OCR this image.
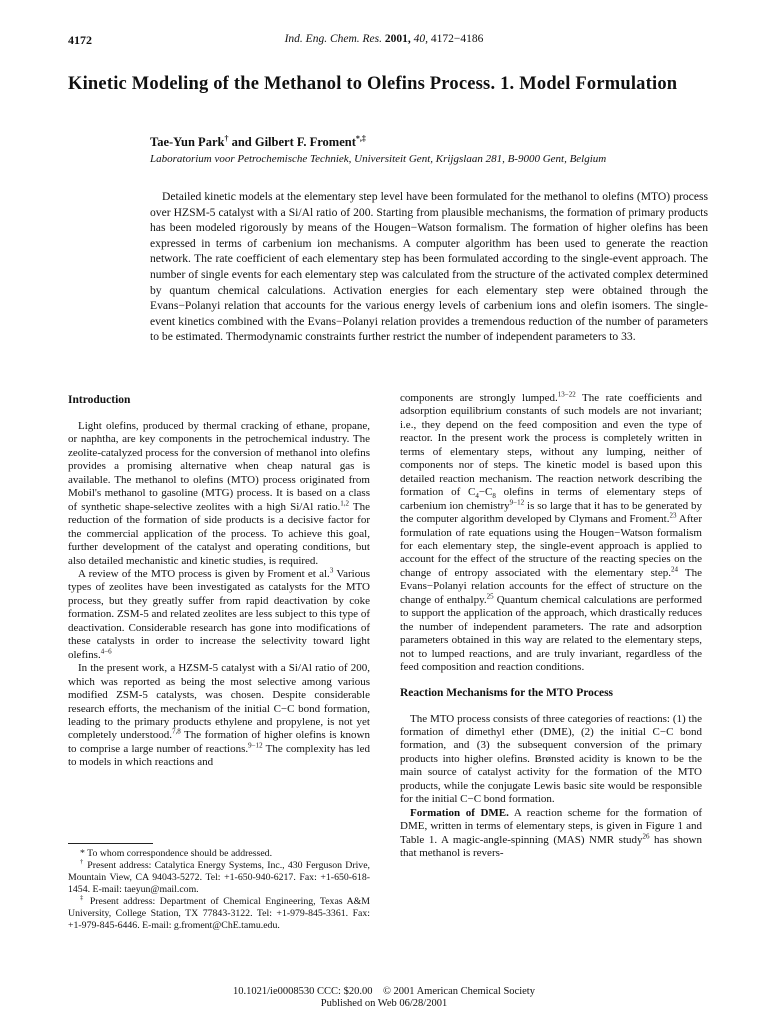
4172	Ind. Eng. Chem. Res. 2001, 40, 4172−4186
Kinetic Modeling of the Methanol to Olefins Process. 1. Model Formulation
Tae-Yun Park† and Gilbert F. Froment*,‡
Laboratorium voor Petrochemische Techniek, Universiteit Gent, Krijgslaan 281, B-9000 Gent, Belgium

Detailed kinetic models at the elementary step level have been formulated for the methanol to olefins (MTO) process over HZSM-5 catalyst with a Si/Al ratio of 200. Starting from plausible mechanisms, the formation of primary products has been modeled rigorously by means of the Hougen−Watson formalism. The formation of higher olefins has been expressed in terms of carbenium ion mechanisms. A computer algorithm has been used to generate the reaction network. The rate coefficient of each elementary step has been formulated according to the single-event approach. The number of single events for each elementary step was calculated from the structure of the activated complex determined by quantum chemical calculations. Activation energies for each elementary step were obtained through the Evans−Polanyi relation that accounts for the various energy levels of carbenium ions and olefin isomers. The single-event kinetics combined with the Evans−Polanyi relation provides a tremendous reduction of the number of parameters to be estimated. Thermodynamic constraints further restrict the number of independent parameters to 33.

Introduction

Light olefins, produced by thermal cracking of ethane, propane, or naphtha, are key components in the petrochemical industry. The zeolite-catalyzed process for the conversion of methanol into olefins provides a promising alternative when cheap natural gas is available. The methanol to olefins (MTO) process originated from Mobil's methanol to gasoline (MTG) process. It is based on a class of synthetic shape-selective zeolites with a high Si/Al ratio.$^{1,2}$ The reduction of the formation of side products is a decisive factor for the commercial application of the process. To achieve this goal, further development of the catalyst and operating conditions, but also detailed mechanistic and kinetic studies, is required.

A review of the MTO process is given by Froment et al.$^3$ Various types of zeolites have been investigated as catalysts for the MTO process, but they greatly suffer from rapid deactivation by coke formation. ZSM-5 and related zeolites are less subject to this type of deactivation. Considerable research has gone into modifications of these catalysts in order to increase the selectivity toward light olefins.$^{4-6}$

In the present work, a HZSM-5 catalyst with a Si/Al ratio of 200, which was reported as being the most selective among various modified ZSM-5 catalysts, was chosen. Despite considerable research efforts, the mechanism of the initial C−C bond formation, leading to the primary products ethylene and propylene, is not yet completely understood.$^{7,8}$ The formation of higher olefins is known to comprise a large number of reactions.$^{9-12}$ The complexity has led to models in which reactions and

* To whom correspondence should be addressed.

† Present address: Catalytica Energy Systems, Inc., 430 Ferguson Drive, Mountain View, CA 94043-5272. Tel: +1-650-940-6217. Fax: +1-650-618-1454. E-mail: taeyun@mail.com.

‡ Present address: Department of Chemical Engineering, Texas A&M University, College Station, TX 77843-3122. Tel: +1-979-845-3361. Fax: +1-979-845-6446. E-mail: g.froment@ChE.tamu.edu.

components are strongly lumped.$^{13-22}$ The rate coefficients and adsorption equilibrium constants of such models are not invariant; i.e., they depend on the feed composition and even the type of reactor. In the present work the process is completely written in terms of elementary steps, without any lumping, neither of components nor of steps. The kinetic model is based upon this detailed reaction mechanism. The reaction network describing the formation of $C_4-C_8$ olefins in terms of elementary steps of carbenium ion chemistry$^{9-12}$ is so large that it has to be generated by the computer algorithm developed by Clymans and Froment.$^{23}$ After formulation of rate equations using the Hougen−Watson formalism for each elementary step, the single-event approach is applied to account for the effect of the structure of the reacting species on the change of entropy associated with the elementary step.$^{24}$ The Evans−Polanyi relation accounts for the effect of structure on the change of enthalpy.$^{25}$ Quantum chemical calculations are performed to support the application of the approach, which drastically reduces the number of independent parameters. The rate and adsorption parameters obtained in this way are related to the elementary steps, not to lumped reactions, and are truly invariant, regardless of the feed composition and reaction conditions.

Reaction Mechanisms for the MTO Process

The MTO process consists of three categories of reactions: (1) the formation of dimethyl ether (DME), (2) the initial C−C bond formation, and (3) the subsequent conversion of the primary products into higher olefins. Brønsted acidity is known to be the main source of catalyst activity for the formation of the MTO products, while the conjugate Lewis basic site would be responsible for the initial C−C bond formation.

Formation of DME. A reaction scheme for the formation of DME, written in terms of elementary steps, is given in Figure 1 and Table 1. A magic-angle-spinning (MAS) NMR study$^{26}$ has shown that methanol is revers-

10.1021/ie0008530 CCC: $20.00    © 2001 American Chemical Society
Published on Web 06/28/2001
